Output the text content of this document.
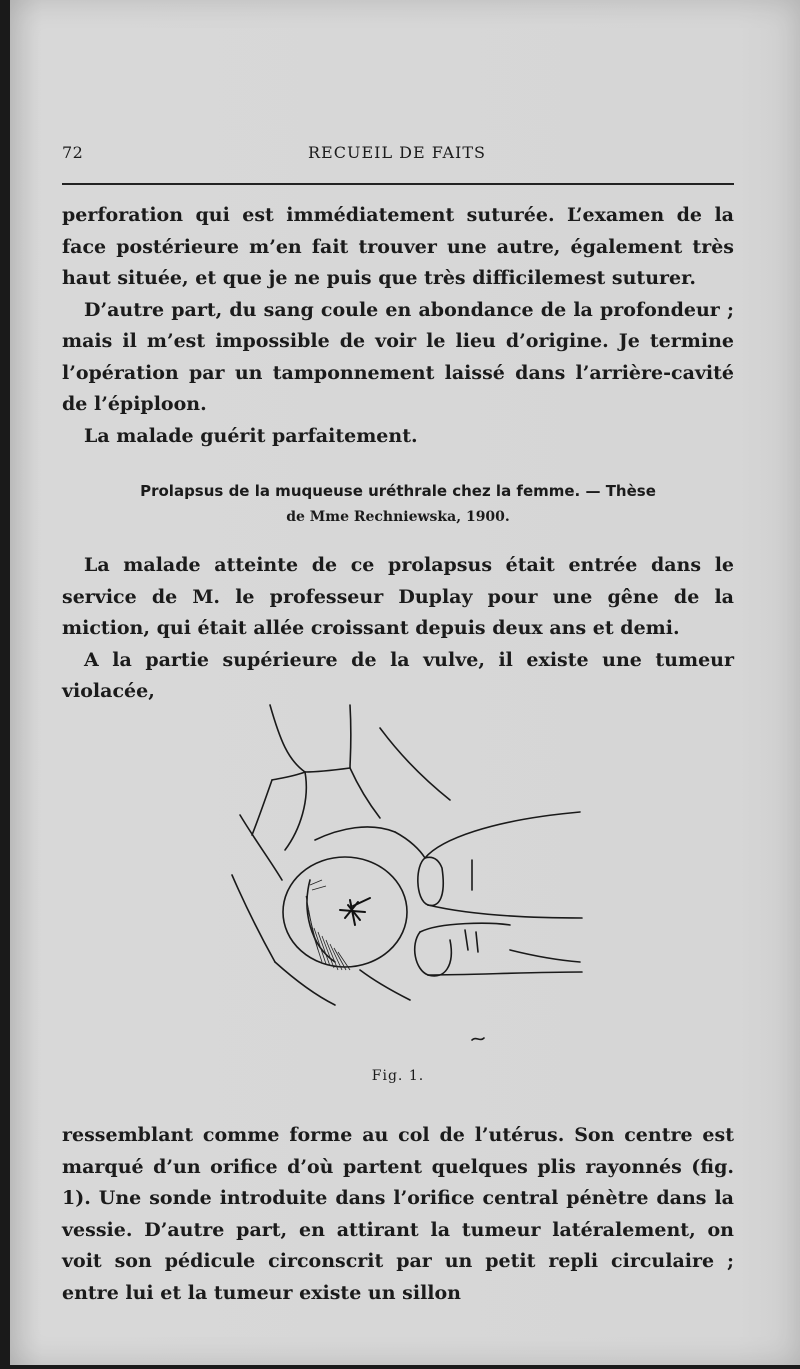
72	RECUEIL DE FAITS

perforation qui est immédiatement suturée. L’examen de la face postérieure m’en fait trouver une autre, également très haut située, et que je ne puis que très difficilemest suturer.

D’autre part, du sang coule en abondance de la profondeur ; mais il m’est impossible de voir le lieu d’origine. Je termine l’opération par un tamponnement laissé dans l’arrière-cavité de l’épiploon.

La malade guérit parfaitement.

Prolapsus de la muqueuse uréthrale chez la femme. — Thèse
de Mme Rechniewska, 1900.

La malade atteinte de ce prolapsus était entrée dans le service de M. le professeur Duplay pour une gêne de la miction, qui était allée croissant depuis deux ans et demi.

A la partie supérieure de la vulve, il existe une tumeur violacée,

Fig. 1.

ressemblant comme forme au col de l’utérus. Son centre est marqué d’un orifice d’où partent quelques plis rayonnés (fig. 1). Une sonde introduite dans l’orifice central pénètre dans la vessie. D’autre part, en attirant la tumeur latéralement, on voit son pédicule circonscrit par un petit repli circulaire ; entre lui et la tumeur existe un sillon
